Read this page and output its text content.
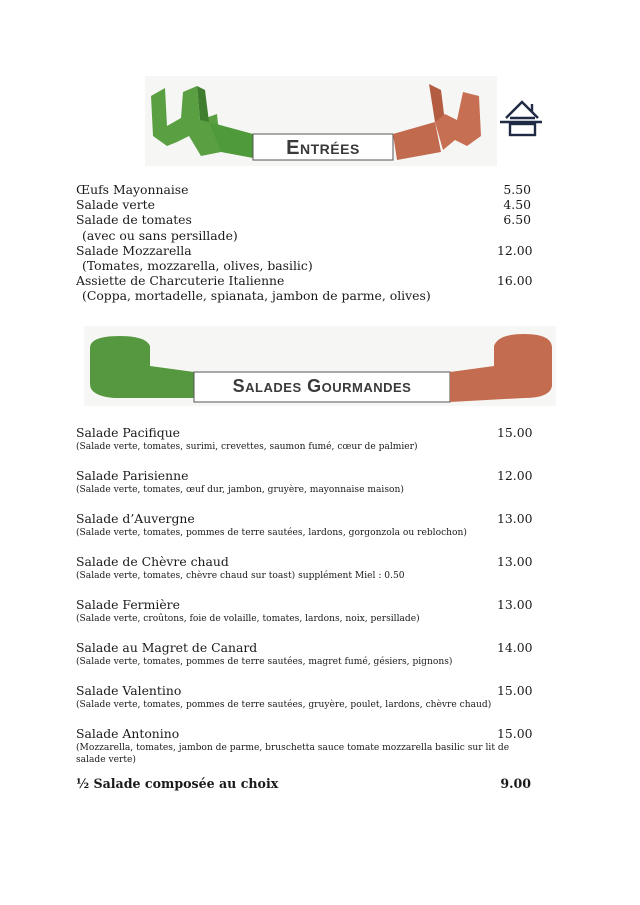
Entrées
Œufs Mayonnaise	5.50
Salade verte	4.50
Salade de tomates	6.50
(avec ou sans persillade)
Salade Mozzarella	12.00
(Tomates, mozzarella, olives, basilic)
Assiette de Charcuterie Italienne	16.00
(Coppa, mortadelle, spianata, jambon de parme, olives)
Salades Gourmandes
Salade Pacifique	15.00
(Salade verte, tomates, surimi, crevettes, saumon fumé, cœur de palmier)
Salade Parisienne	12.00
(Salade verte, tomates, œuf dur, jambon, gruyère, mayonnaise maison)
Salade d’Auvergne	13.00
(Salade verte, tomates, pommes de terre sautées, lardons, gorgonzola ou reblochon)
Salade de Chèvre chaud	13.00
(Salade verte, tomates, chèvre chaud sur toast) supplément Miel : 0.50
Salade Fermière	13.00
(Salade verte, croûtons, foie de volaille, tomates, lardons, noix, persillade)
Salade au Magret de Canard	14.00
(Salade verte, tomates, pommes de terre sautées, magret fumé, gésiers, pignons)
Salade Valentino	15.00
(Salade verte, tomates, pommes de terre sautées, gruyère, poulet, lardons, chèvre chaud)
Salade Antonino	15.00
(Mozzarella, tomates, jambon de parme, bruschetta sauce tomate mozzarella basilic sur lit de salade verte)
½ Salade composée au choix	9.00
